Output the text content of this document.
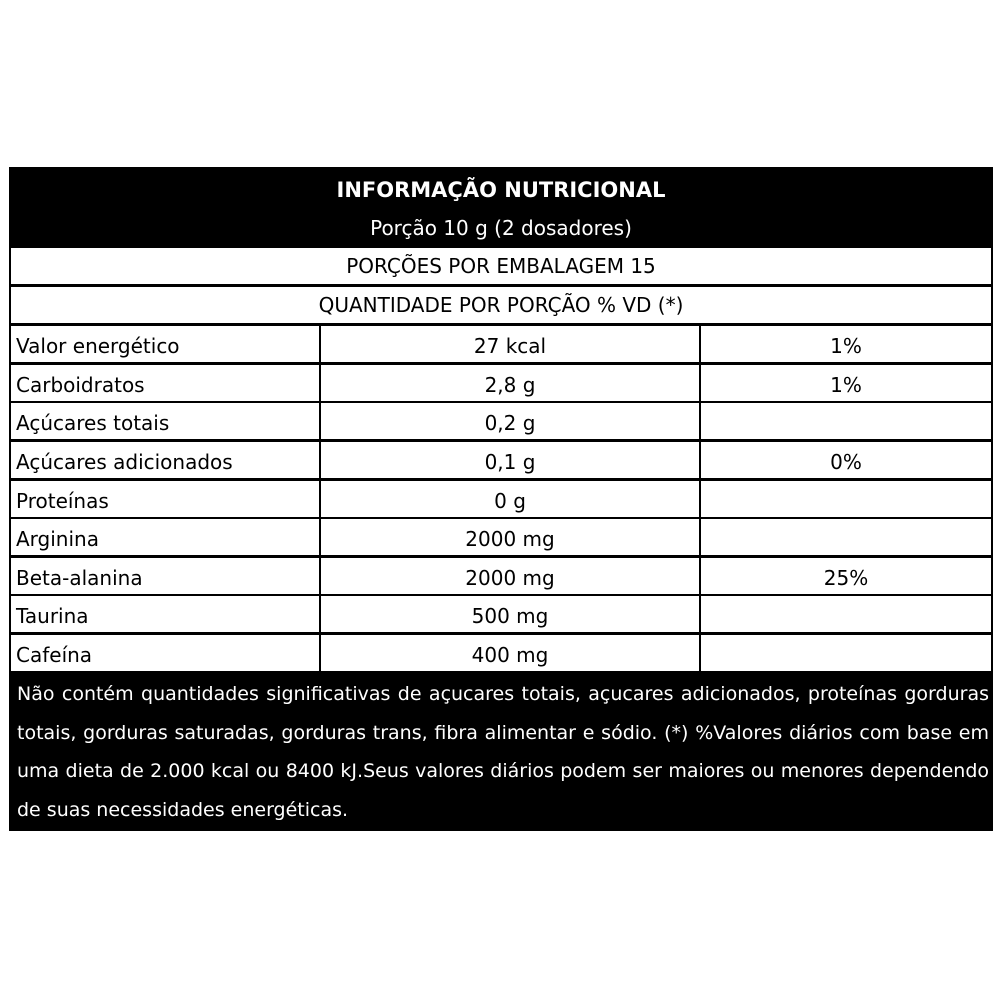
INFORMAÇÃO NUTRICIONAL
Porção 10 g (2 dosadores)
PORÇÕES POR EMBALAGEM 15
QUANTIDADE POR PORÇÃO % VD (*)
Valor energético	27 kcal	1%
Carboidratos	2,8 g	1%
Açúcares totais	0,2 g
Açúcares adicionados	0,1 g	0%
Proteínas	0 g
Arginina	2000 mg
Beta-alanina	2000 mg	25%
Taurina	500 mg
Cafeína	400 mg
Não contém quantidades significativas de açucares totais, açucares adicionados, proteínas gorduras totais, gorduras saturadas, gorduras trans, fibra alimentar e sódio. (*) %Valores diários com base em uma dieta de 2.000 kcal ou 8400 kJ.Seus valores diários podem ser maiores ou menores dependendo de suas necessidades energéticas.
